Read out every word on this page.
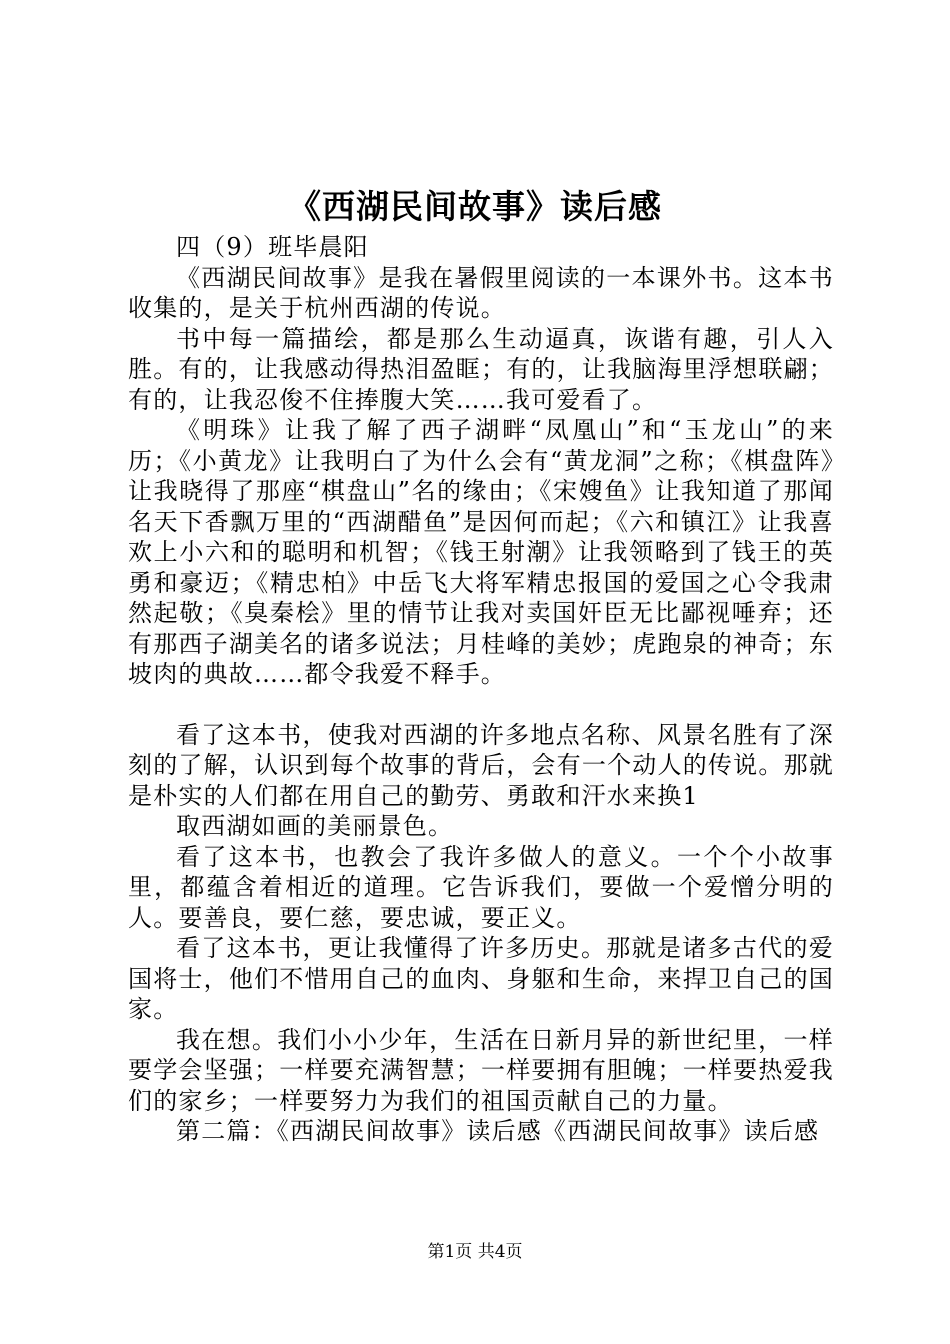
《西湖民间故事》读后感

四（9）班毕晨阳

《西湖民间故事》是我在暑假里阅读的一本课外书。这本书收集的，是关于杭州西湖的传说。

书中每一篇描绘，都是那么生动逼真，诙谐有趣，引人入胜。有的，让我感动得热泪盈眶；有的，让我脑海里浮想联翩；有的，让我忍俊不住捧腹大笑……我可爱看了。

《明珠》让我了解了西子湖畔“凤凰山”和“玉龙山”的来历；《小黄龙》让我明白了为什么会有“黄龙洞”之称；《棋盘阵》让我晓得了那座“棋盘山”名的缘由；《宋嫂鱼》让我知道了那闻名天下香飘万里的“西湖醋鱼”是因何而起；《六和镇江》让我喜欢上小六和的聪明和机智；《钱王射潮》让我领略到了钱王的英勇和豪迈；《精忠柏》中岳飞大将军精忠报国的爱国之心令我肃然起敬；《臭秦桧》里的情节让我对卖国奸臣无比鄙视唾弃；还有那西子湖美名的诸多说法；月桂峰的美妙；虎跑泉的神奇；东坡肉的典故……都令我爱不释手。

看了这本书，使我对西湖的许多地点名称、风景名胜有了深刻的了解，认识到每个故事的背后，会有一个动人的传说。那就是朴实的人们都在用自己的勤劳、勇敢和汗水来换1

取西湖如画的美丽景色。

看了这本书，也教会了我许多做人的意义。一个个小故事里，都蕴含着相近的道理。它告诉我们，要做一个爱憎分明的人。要善良，要仁慈，要忠诚，要正义。

看了这本书，更让我懂得了许多历史。那就是诸多古代的爱国将士，他们不惜用自己的血肉、身躯和生命，来捍卫自己的国家。

我在想。我们小小少年，生活在日新月异的新世纪里，一样要学会坚强；一样要充满智慧；一样要拥有胆魄；一样要热爱我们的家乡；一样要努力为我们的祖国贡献自己的力量。

第二篇：《西湖民间故事》读后感《西湖民间故事》读后感

第1页 共4页
